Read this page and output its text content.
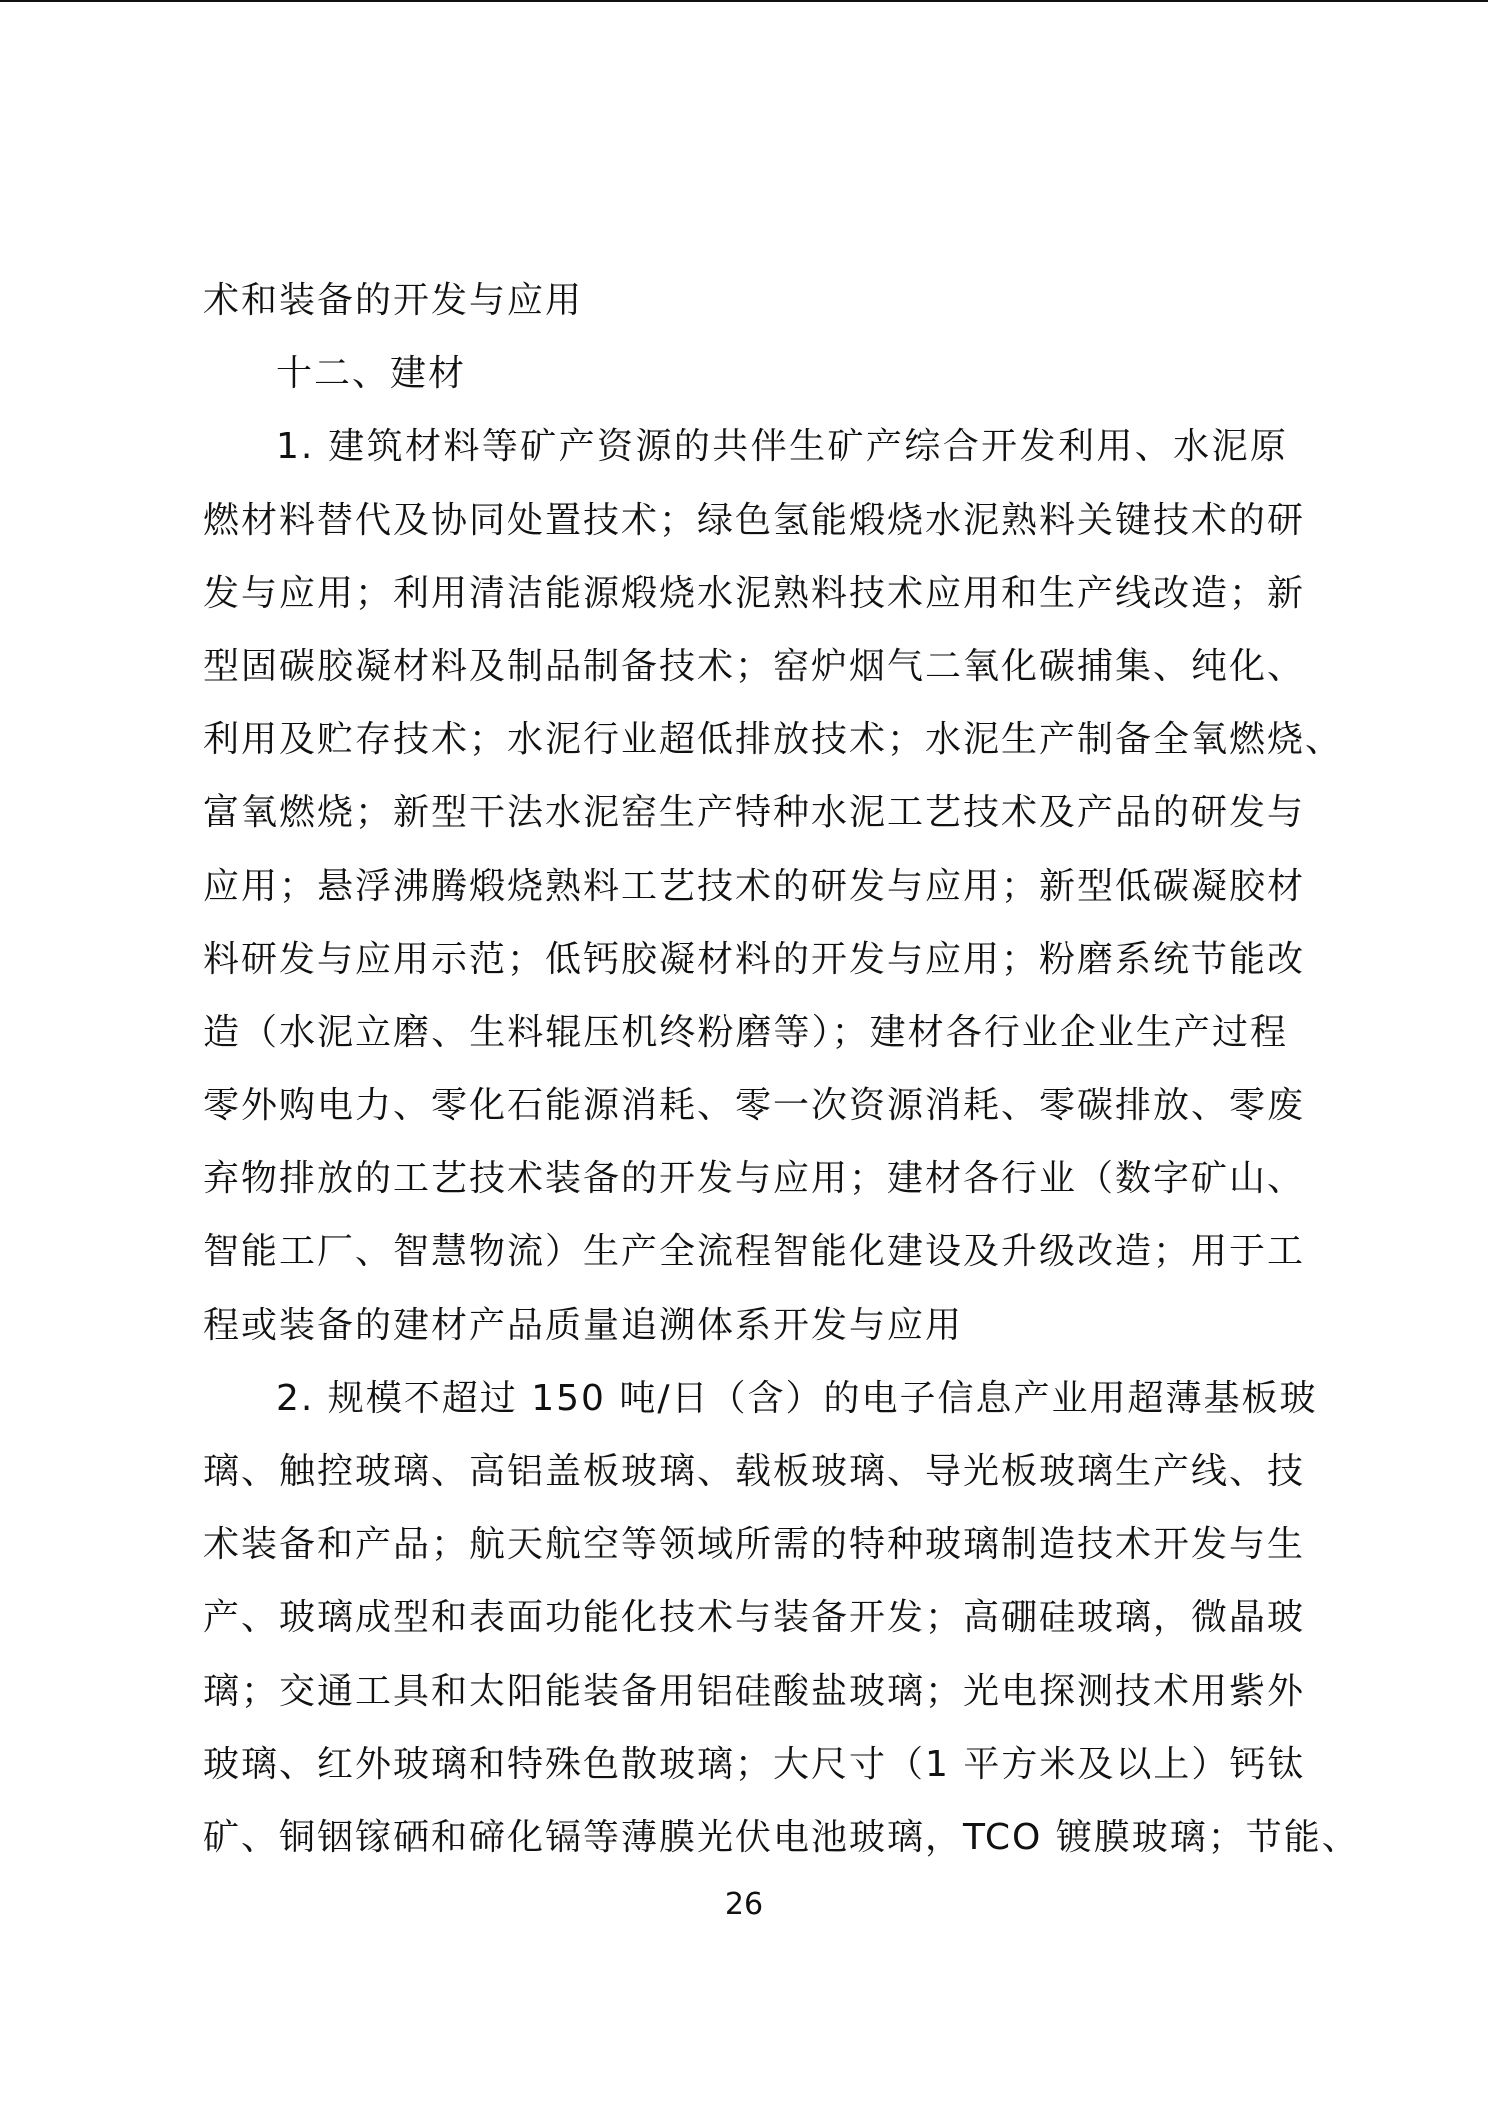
术和装备的开发与应用
十二、建材
1. 建筑材料等矿产资源的共伴生矿产综合开发利用、水泥原
燃材料替代及协同处置技术；绿色氢能煅烧水泥熟料关键技术的研
发与应用；利用清洁能源煅烧水泥熟料技术应用和生产线改造；新
型固碳胶凝材料及制品制备技术；窑炉烟气二氧化碳捕集、纯化、
利用及贮存技术；水泥行业超低排放技术；水泥生产制备全氧燃烧、
富氧燃烧；新型干法水泥窑生产特种水泥工艺技术及产品的研发与
应用；悬浮沸腾煅烧熟料工艺技术的研发与应用；新型低碳凝胶材
料研发与应用示范；低钙胶凝材料的开发与应用；粉磨系统节能改
造（水泥立磨、生料辊压机终粉磨等）；建材各行业企业生产过程
零外购电力、零化石能源消耗、零一次资源消耗、零碳排放、零废
弃物排放的工艺技术装备的开发与应用；建材各行业（数字矿山、
智能工厂、智慧物流）生产全流程智能化建设及升级改造；用于工
程或装备的建材产品质量追溯体系开发与应用
2. 规模不超过 150 吨/日（含）的电子信息产业用超薄基板玻
璃、触控玻璃、高铝盖板玻璃、载板玻璃、导光板玻璃生产线、技
术装备和产品；航天航空等领域所需的特种玻璃制造技术开发与生
产、玻璃成型和表面功能化技术与装备开发；高硼硅玻璃，微晶玻
璃；交通工具和太阳能装备用铝硅酸盐玻璃；光电探测技术用紫外
玻璃、红外玻璃和特殊色散玻璃；大尺寸（1 平方米及以上）钙钛
矿、铜铟镓硒和碲化镉等薄膜光伏电池玻璃，TCO 镀膜玻璃；节能、
26
